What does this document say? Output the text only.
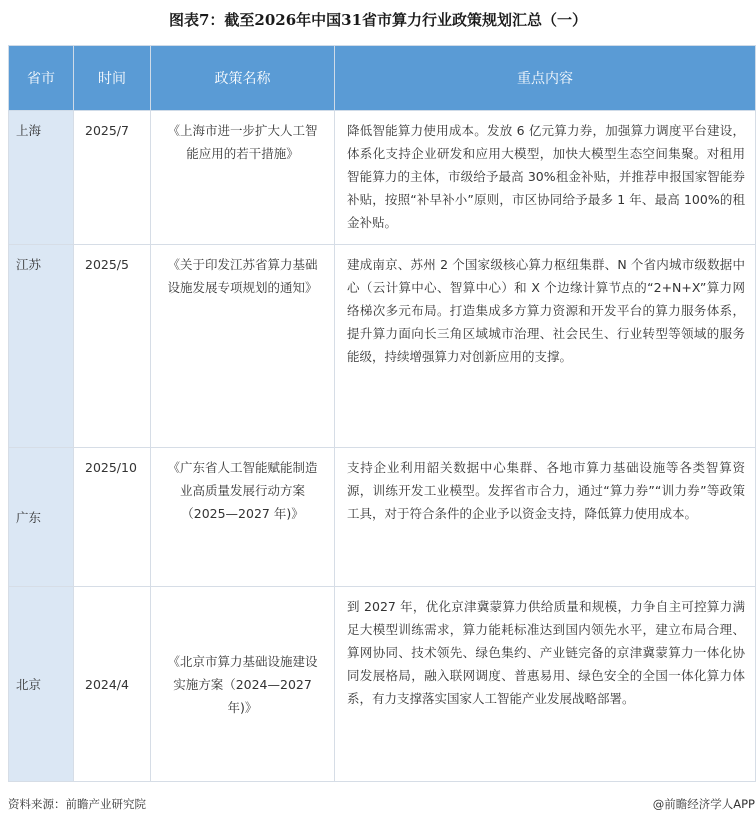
图表7：截至2026年中国31省市算力行业政策规划汇总（一）
省市	时间	政策名称	重点内容
上海	2025/7	《上海市进一步扩大人工智能应用的若干措施》	降低智能算力使用成本。发放 6 亿元算力券，加强算力调度平台建设，体系化支持企业研发和应用大模型，加快大模型生态空间集聚。对租用智能算力的主体，市级给予最高 30%租金补贴，并推荐申报国家智能券补贴，按照“补早补小”原则，市区协同给予最多 1 年、最高 100%的租金补贴。
江苏	2025/5	《关于印发江苏省算力基础设施发展专项规划的通知》	建成南京、苏州 2 个国家级核心算力枢纽集群、N 个省内城市级数据中心（云计算中心、智算中心）和 X 个边缘计算节点的“2+N+X”算力网络梯次多元布局。打造集成多方算力资源和开发平台的算力服务体系，提升算力面向长三角区域城市治理、社会民生、行业转型等领域的服务能级，持续增强算力对创新应用的支撑。
广东	2025/10	《广东省人工智能赋能制造业高质量发展行动方案（2025—2027 年)》	支持企业利用韶关数据中心集群、各地市算力基础设施等各类智算资源，训练开发工业模型。发挥省市合力，通过“算力券”“训力券”等政策工具，对于符合条件的企业予以资金支持，降低算力使用成本。
北京	2024/4	《北京市算力基础设施建设实施方案（2024—2027 年)》	到 2027 年，优化京津冀蒙算力供给质量和规模，力争自主可控算力满足大模型训练需求，算力能耗标准达到国内领先水平，建立布局合理、算网协同、技术领先、绿色集约、产业链完备的京津冀蒙算力一体化协同发展格局，融入联网调度、普惠易用、绿色安全的全国一体化算力体系，有力支撑落实国家人工智能产业发展战略部署。
资料来源：前瞻产业研究院	@前瞻经济学人APP
